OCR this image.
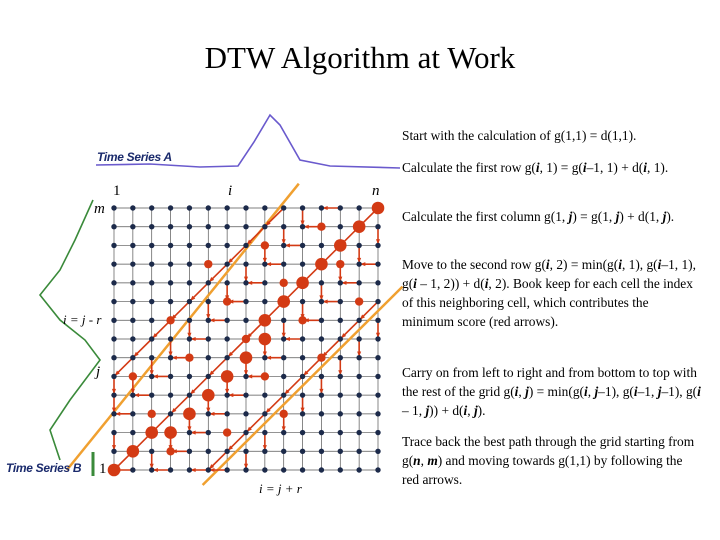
DTW Algorithm at Work
Time Series A
Time Series B
1
1
i	n
m
j
i = j - r
i = j + r

Start with the calculation of g(1,1) = d(1,1).

Calculate the first row g(i, 1) = g(i–1, 1) + d(i, 1).

Calculate the first column g(1, j) = g(1, j) + d(1, j).

Move to the second row g(i, 2) = min(g(i, 1), g(i–1, 1), g(i – 1, 2)) + d(i, 2). Book keep for each cell the index of this neighboring cell, which contributes the minimum score (red arrows).

Carry on from left to right and from bottom to top with the rest of the grid g(i, j) = min(g(i, j–1), g(i–1, j–1), g(i – 1, j)) + d(i, j).

Trace back the best path through the grid starting from g(n, m) and moving towards g(1,1) by following the red arrows.
